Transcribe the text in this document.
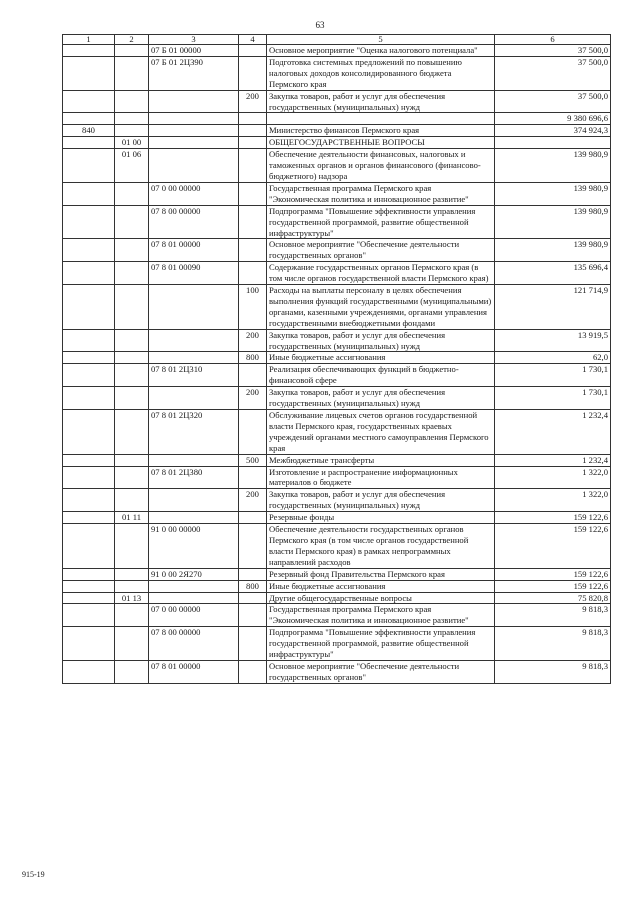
63
1	2	3	4	5	6
		07 Б 01 00000		Основное мероприятие "Оценка налогового потенциала"	37 500,0
		07 Б 01 2Ц390		Подготовка системных предложений по повышению налоговых доходов консолидированного бюджета Пермского края	37 500,0
			200	Закупка товаров, работ и услуг для обеспечения государственных (муниципальных) нужд	37 500,0
					9 380 696,6
840				Министерство финансов Пермского края	374 924,3
	01 00			ОБЩЕГОСУДАРСТВЕННЫЕ ВОПРОСЫ	
	01 06			Обеспечение деятельности финансовых, налоговых и таможенных органов и органов финансового (финансово-бюджетного) надзора	139 980,9
		07 0 00 00000		Государственная программа Пермского края "Экономическая политика и инновационное развитие"	139 980,9
		07 8 00 00000		Подпрограмма "Повышение эффективности управления государственной программой, развитие общественной инфраструктуры"	139 980,9
		07 8 01 00000		Основное мероприятие "Обеспечение деятельности государственных органов"	139 980,9
		07 8 01 00090		Содержание государственных органов Пермского края (в том числе органов государственной власти Пермского края)	135 696,4
			100	Расходы на выплаты персоналу в целях обеспечения выполнения функций государственными (муниципальными) органами, казенными учреждениями, органами управления государственными внебюджетными фондами	121 714,9
			200	Закупка товаров, работ и услуг для обеспечения государственных (муниципальных) нужд	13 919,5
			800	Иные бюджетные ассигнования	62,0
		07 8 01 2Ц310		Реализация обеспечивающих функций в бюджетно-финансовой сфере	1 730,1
			200	Закупка товаров, работ и услуг для обеспечения государственных (муниципальных) нужд	1 730,1
		07 8 01 2Ц320		Обслуживание лицевых счетов органов государственной власти Пермского края, государственных краевых учреждений органами местного самоуправления Пермского края	1 232,4
			500	Межбюджетные трансферты	1 232,4
		07 8 01 2Ц380		Изготовление и распространение информационных материалов о бюджете	1 322,0
			200	Закупка товаров, работ и услуг для обеспечения государственных (муниципальных) нужд	1 322,0
	01 11			Резервные фонды	159 122,6
		91 0 00 00000		Обеспечение деятельности государственных органов Пермского края (в том числе органов государственной власти Пермского края) в рамках непрограммных направлений расходов	159 122,6
		91 0 00 2Я270		Резервный фонд Правительства Пермского края	159 122,6
			800	Иные бюджетные ассигнования	159 122,6
	01 13			Другие общегосударственные вопросы	75 820,8
		07 0 00 00000		Государственная программа Пермского края "Экономическая политика и инновационное развитие"	9 818,3
		07 8 00 00000		Подпрограмма "Повышение эффективности управления государственной программой, развитие общественной инфраструктуры"	9 818,3
		07 8 01 00000		Основное мероприятие "Обеспечение деятельности государственных органов"	9 818,3
915-19
